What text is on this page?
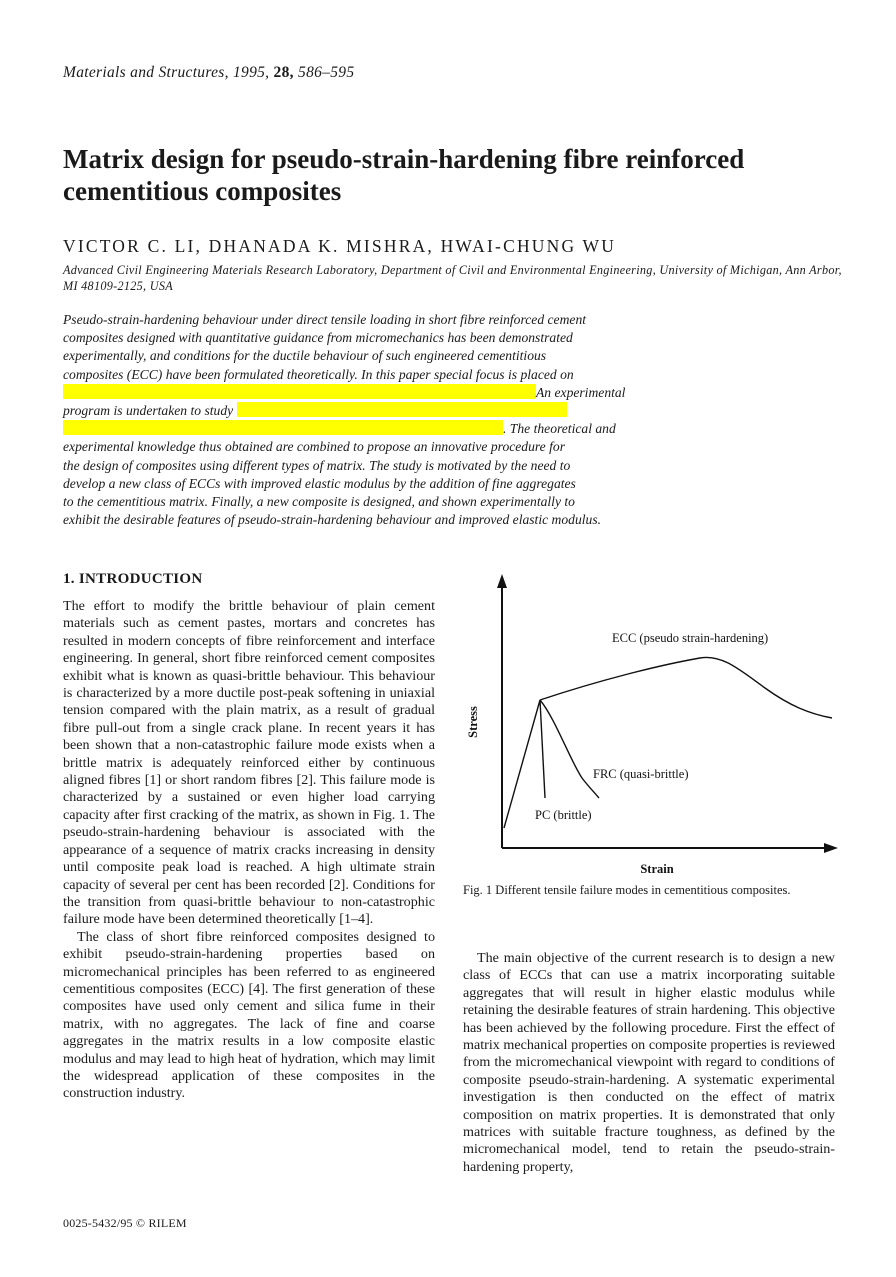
Materials and Structures, 1995, 28, 586–595
Matrix design for pseudo-strain-hardening fibre reinforced cementitious composites
VICTOR C. LI, DHANADA K. MISHRA, HWAI-CHUNG WU
Advanced Civil Engineering Materials Research Laboratory, Department of Civil and Environmental Engineering, University of Michigan, Ann Arbor, MI 48109-2125, USA
Pseudo-strain-hardening behaviour under direct tensile loading in short fibre reinforced cement
composites designed with quantitative guidance from micromechanics has been demonstrated
experimentally, and conditions for the ductile behaviour of such engineered cementitious
composites (ECC) have been formulated theoretically. In this paper special focus is placed on
An experimental
program is undertaken to study
. The theoretical and
experimental knowledge thus obtained are combined to propose an innovative procedure for
the design of composites using different types of matrix. The study is motivated by the need to
develop a new class of ECCs with improved elastic modulus by the addition of fine aggregates
to the cementitious matrix. Finally, a new composite is designed, and shown experimentally to
exhibit the desirable features of pseudo-strain-hardening behaviour and improved elastic modulus.
1. INTRODUCTION

The effort to modify the brittle behaviour of plain cement materials such as cement pastes, mortars and concretes has resulted in modern concepts of fibre reinforcement and interface engineering. In general, short fibre reinforced cement composites exhibit what is known as quasi-brittle behaviour. This behaviour is characterized by a more ductile post-peak softening in uniaxial tension compared with the plain matrix, as a result of gradual fibre pull-out from a single crack plane. In recent years it has been shown that a non-catastrophic failure mode exists when a brittle matrix is adequately reinforced either by continuous aligned fibres [1] or short random fibres [2]. This failure mode is characterized by a sustained or even higher load carrying capacity after first cracking of the matrix, as shown in Fig. 1. The pseudo-strain-hardening behaviour is associated with the appearance of a sequence of matrix cracks increasing in density until composite peak load is reached. A high ultimate strain capacity of several per cent has been recorded [2]. Conditions for the transition from quasi-brittle behaviour to non-catastrophic failure mode have been determined theoretically [1–4].

The class of short fibre reinforced composites designed to exhibit pseudo-strain-hardening properties based on micromechanical principles has been referred to as engineered cementitious composites (ECC) [4]. The first generation of these composites have used only cement and silica fume in their matrix, with no aggregates. The lack of fine and coarse aggregates in the matrix results in a low composite elastic modulus and may lead to high heat of hydration, which may limit the widespread application of these composites in the construction industry.

Stress
Strain
ECC (pseudo strain-hardening)
FRC (quasi-brittle)
PC (brittle)
Fig. 1 Different tensile failure modes in cementitious composites.

The main objective of the current research is to design a new class of ECCs that can use a matrix incorporating suitable aggregates that will result in higher elastic modulus while retaining the desirable features of strain hardening. This objective has been achieved by the following procedure. First the effect of matrix mechanical properties on composite properties is reviewed from the micromechanical viewpoint with regard to conditions of composite pseudo-strain-hardening. A systematic experimental investigation is then conducted on the effect of matrix composition on matrix properties. It is demonstrated that only matrices with suitable fracture toughness, as defined by the micromechanical model, tend to retain the pseudo-strain-hardening property,

0025-5432/95 © RILEM
